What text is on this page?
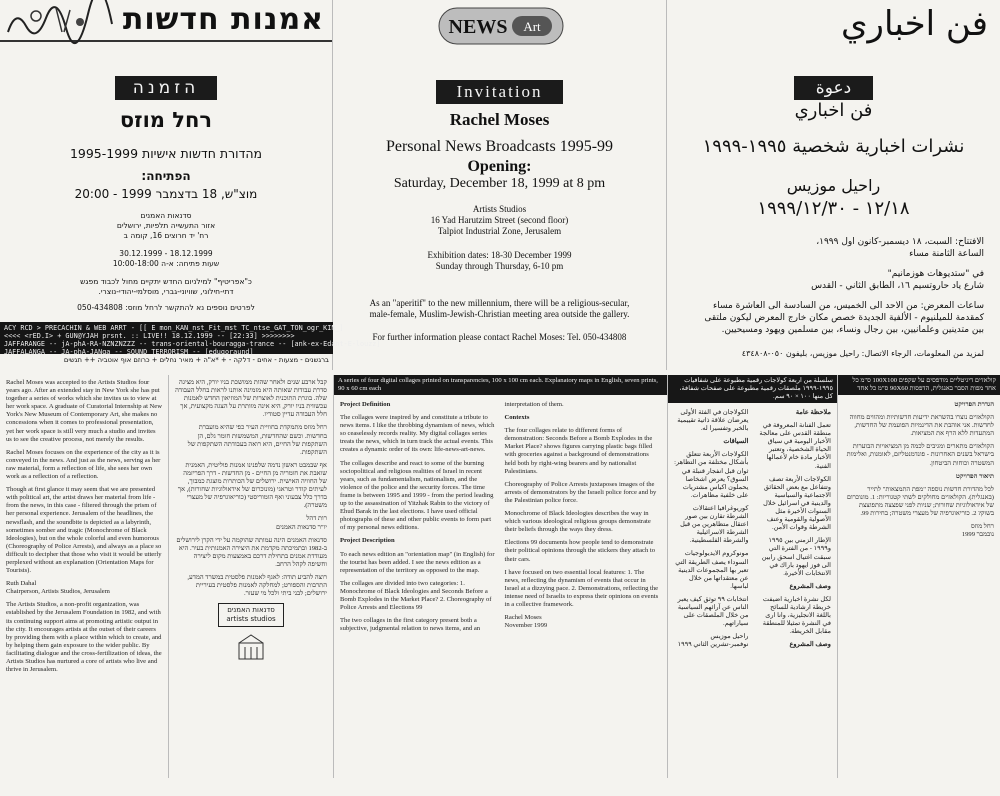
אמנות חדשות
הזמנה
רחל מוזס
מהדורת חדשות אישיות 1995-1999
הפתיחה:
מוצ"ש, 18 בדצמבר 1999 - 20:00
סדנאות האמנים
אזור התעשייה תלפיות, ירושלים
רח' יד חרוצים 16, קומה ב
18.12.1999 - 30.12.1999
שעות פתיחה: א-ה 10:00-18:00
כ"אפריטיף" למילניום החדש יתקיים מחול לכבוד מפגש
דתי-חילוני, שוויוני-גברי, מוסלמי-יהודי-נוצרי.
לפרטים נוספים נא להתקשר לרחל מוזס: 050-434808
ACY RCD > PRECACHIN & WEB ARRT - [[ E mon_KAN_nst_Fit_mst TC_ntse_GAT_TON_ogr_KIN_]
<<<< <rED.I> + GUN@YJAH prsnt. :: LIVE!! 18.12.1999 -- [22:33] >>>>>>>>
JAFFARANGE -- jA-phA-RA-NZNZNZZZ -- trans-oriental-bouragga-trance -- [ank-ex-Edant-E-louzz]
JAFFALANGA -- JA-phA-JANga -- SOUND TERRORISM -- [edugoraund]
ברגשנים - מצעות - אחים - דלקה - + *א"ה + מאיר נחלים + כרוזם אוף אוטביה ++ תגשים
NEWS Art
Invitation
Rachel Moses
Personal News Broadcasts 1995-99
Opening:
Saturday, December 18, 1999 at 8 pm
Artists Studios
16 Yad Harutzim Street (second floor)
Talpiot Industrial Zone, Jerusalem
Exhibition dates: 18-30 December 1999
Sunday through Thursday, 6-10 pm
As an "aperitif" to the new millennium, there will be a religious-secular,
male-female, Muslim-Jewish-Christian meeting area outside the gallery.
For further information please contact Rachel Moses: Tel. 050-434808
فن اخباري
دعوة
فن اخباري
نشرات اخبارية شخصية ١٩٩٥-١٩٩٩
راحيل موزيس
١٢/١٨ - ١٩٩٩/١٢/٣٠
الافتتاح: السبت، ١٨ ديسمبر-كانون اول ١٩٩٩،
الساعة الثامنة مساء
في "ستديوهات هوزمانيم"
شارع ياد حاروتسيم ١٦، الطابق الثاني - القدس
ساعات المعرض: من الاحد الى الخميس، من السادسة الى العاشرة مساء
كمقدمة للميلنيوم - الألفية الجديدة خصص مكان خارج المعرض ليكون ملتقى
بين متدينين وعلمانيين، بين رجال ونساء، بين مسلمين ويهود ومسيحيين.
لمزيد من المعلومات، الرجاء الاتصال: راحيل موزيس، بليفون ٠٥٠-٤٣٤٨٠٨

Rachel Moses was accepted to the Artists Studios four years ago. After an extended stay in New York she has put together a series of works which she invites us to view at her work space. A graduate of Curatorial Internship at New York's New Museum of Contemporary Art, she makes no concessions when it comes to professional presentation, yet her work space is still very much a studio and invites us to see the creative process, not merely the results.

Rachel Moses focuses on the experience of the city as it is conveyed in the news. And just as the news, serving as her raw material, form a reflection of life, she sees her own work as a reflection of a reflection.

Though at first glance it may seem that we are presented with political art, the artist draws her material from life - from the news, in this case - filtered through the prism of her personal experience. Jerusalem of the headlines, the newsflash, and the soundbite is depicted as a labyrinth, sometimes somber and tragic (Monochrome of Black Ideologies), but on the whole colorful and even humorous (Choreography of Police Arrests), and always as a place so difficult to decipher that those who visit it would be utterly perplexed without an explanation (Orientation Maps for Tourists).

Ruth Dahal

Chairperson, Artists Studios, Jerusalem

The Artists Studios, a non-profit organization, was established by the Jerusalem Foundation in 1982, and with its continuing support aims at promoting artistic output in the city. It encourages artists at the outset of their careers by providing them with a place within which to create, and by helping them gain exposure to the wider public. By facilitating dialogue and the cross-fertilization of ideas, the Artists Studios has nurtured a core of artists who live and thrive in Jerusalem.

קבל ארבע שנים ולאחר שהות ממושכת בניו יורק, היא מציגה סדרת עבודות שאותה היא מזמינה אותנו לראות בחלל העבודה שלה. בוגרת התוכנית לאוצרות של המוזיאון החדש לאמנות עכשווית בניו יורק, היא אינה מוותרת על הצגה מקצועית, אך חלל העבודה עדיין סטודיו.

רחל מוזס מתמקדת בחוויית העיר כפי שהיא מועברת בחדשות. וכשם שהחדשות, המשמשות חומר גלם, הן השתקפות של החיים, היא רואה בעבודתה השתקפות של השתקפות.

אף שבמבט ראשון נדמה שלפנינו אמנות פוליטית, האמנית שואבת את חומריה מן החיים - מן החדשות - דרך הפריזמה של החוויה האישית. ירושלים של הכותרות מוצגת כמבוך, לעיתים קודר וטראגי (מונוכרום של אידאולוגיות שחורות), אך בדרך כלל צבעוני ואף הומוריסטי (כוריאוגרפיה של מעצרי משטרה).

רות דהל

יו"ר סדנאות האמנים

סדנאות האמנים הינה עמותה שהוקמה על ידי הקרן לירושלים ב-1982 ובתמיכתה מקדמת את היצירה האמנותית בעיר. היא מעודדת אמנים בתחילת דרכם באמצעות מקום ליצירה וחשיפה לקהל הרחב.

רוצה להביע תודה: לאגף לאמנות פלסטית במשרד המדע, התרבות והספורט; למחלקה לאמנות פלסטית בעיריית ירושלים; לבני ביתי ולכל מי שעזר.

סדנאות האמנים artists studios
A series of four digital collages printed on transparencies, 100 x 100 cm each. Explanatory maps in English, seven prints, 90 x 60 cm each

Project Definition

The collages were inspired by and constitute a tribute to news items. I like the throbbing dynamism of news, which so ceaselessly records reality. My digital collages series treats the news, which in turn track the actual events. This creates a dynamic order of its own: life-news-art-news.

The collages describe and react to some of the burning sociopolitical and religious realities of Israel in recent years, such as fundamentalism, nationalism, and the violence of the police and the security forces. The time frame is between 1995 and 1999 - from the period leading up to the assassination of Yitzhak Rabin to the victory of Ehud Barak in the last elections. I have used official photographs of these and other public events to form part of my personal news editions.

Project Description

To each news edition an "orientation map" (in English) for the tourist has been added. I see the news edition as a representation of the territory as opposed to the map.

The collages are divided into two categories: 1. Monochrome of Black Ideologies and Seconds Before a Bomb Explodes in the Market Place? 2. Choreography of Police Arrests and Elections 99

The two collages in the first category present both a subjective, judgmental relation to news items, and an interpretation of them.

Contexts

The four collages relate to different forms of demonstration: Seconds Before a Bomb Explodes in the Market Place? shows figures carrying plastic bags filled with groceries against a background of demonstrations held both by right-wing bearers and by nationalist Palestinians.

Choreography of Police Arrests juxtaposes images of the arrests of demonstrators by the Israeli police force and by the Palestinian police force.

Monochrome of Black Ideologies describes the way in which various ideological religious groups demonstrate their beliefs through the ways they dress.

Elections 99 documents how people tend to demonstrate their political opinions through the stickers they attach to their cars.

I have focused on two essential local features: 1. The news, reflecting the dynamism of events that occur in Israel at a dizzying pace. 2. Demonstrations, reflecting the intense need of Israelis to express their opinions on events in a collective framework.

Rachel Moses

November 1999

سلسلة من اربعة كولاجات رقمية مطبوعة على شفافيات ١٩٩٥-١٩٩٩ ملصقات رقمية مطبوعة على صفحات شفافة، كل منها ١٠٠ × ٩٠ سم.

ملاحظة عامة

تعمل الفنانة المعروفة في منطقة القدس على معالجة الأخبار اليومية في سياق الحياة الشخصية، وتعتبر الأخبار مادة خام لأعمالها الفنية.

الكولاجات الأربعة تصف وتتفاعل مع بعض الحقائق الاجتماعية والسياسية والدينية في اسرائيل خلال السنوات الأخيرة مثل الأصولية والقومية وعنف الشرطة وقوات الأمن.

الإطار الزمني بين ١٩٩٥ و١٩٩٩ - من الفترة التي سبقت اغتيال اسحق رابين الى فوز ايهود باراك في الانتخابات الأخيرة.

وصف المشروع

لكل نشرة اخبارية اضيفت خريطة ارشادية للسائح باللغة الانجليزية، وانا ارى في النشرة تمثيلا للمنطقة مقابل الخريطة.

وصف المشروع

الكولاجان في الفئة الأولى يعرضان علاقة ذاتية تقييمية بالخبر وتفسيرا له.

السياقات

الكولاجات الأربعة تتعلق بأشكال مختلفة من التظاهر: ثوان قبل انفجار قنبلة في السوق؟ يعرض اشخاصا يحملون اكياس مشتريات على خلفية مظاهرات.

كوريوغرافيا اعتقالات الشرطة تقارن بين صور اعتقال متظاهرين من قبل الشرطة الاسرائيلية والشرطة الفلسطينية.

مونوكروم الايديولوجيات السوداء يصف الطريقة التي تعبر بها المجموعات الدينية عن معتقداتها من خلال لباسها.

انتخابات ٩٩ توثق كيف يعبر الناس عن آرائهم السياسية من خلال الملصقات على سياراتهم.

راحيل موزيس

نوفمبر-تشرين الثاني ١٩٩٩

קולאז'ים דיגיטליים מודפסים על שקפים 100X100 ס"מ כל אחד מפות הסבר באנגלית, הדפסות 90X60 ס"מ כל אחד

הגדרת הפרויקט

הקולאז'ים נוצרו בהשראת ידיעות חדשותיות ומהווים מחווה לחדשות. אני אוהבת את הדינמיות הפועמת של החדשות, המתעדות ללא הרף את המציאות.

הקולאז'ים מתארים ומגיבים לכמה מן המציאויות הבוערות בישראל בשנים האחרונות - פונדמנטליזם, לאומנות, ואלימות המשטרה וכוחות הביטחון.

תיאור הפרויקט

לכל מהדורת חדשות נוספה "מפת התמצאות" לתייר (באנגלית). הקולאז'ים מחולקים לשתי קטגוריות: 1. מונוכרום של אידאולוגיות שחורות; שניות לפני שפצצה מתפוצצת בשוק? 2. כוריאוגרפיה של מעצרי משטרה; בחירות 99.

רחל מוזס

נובמבר 1999
